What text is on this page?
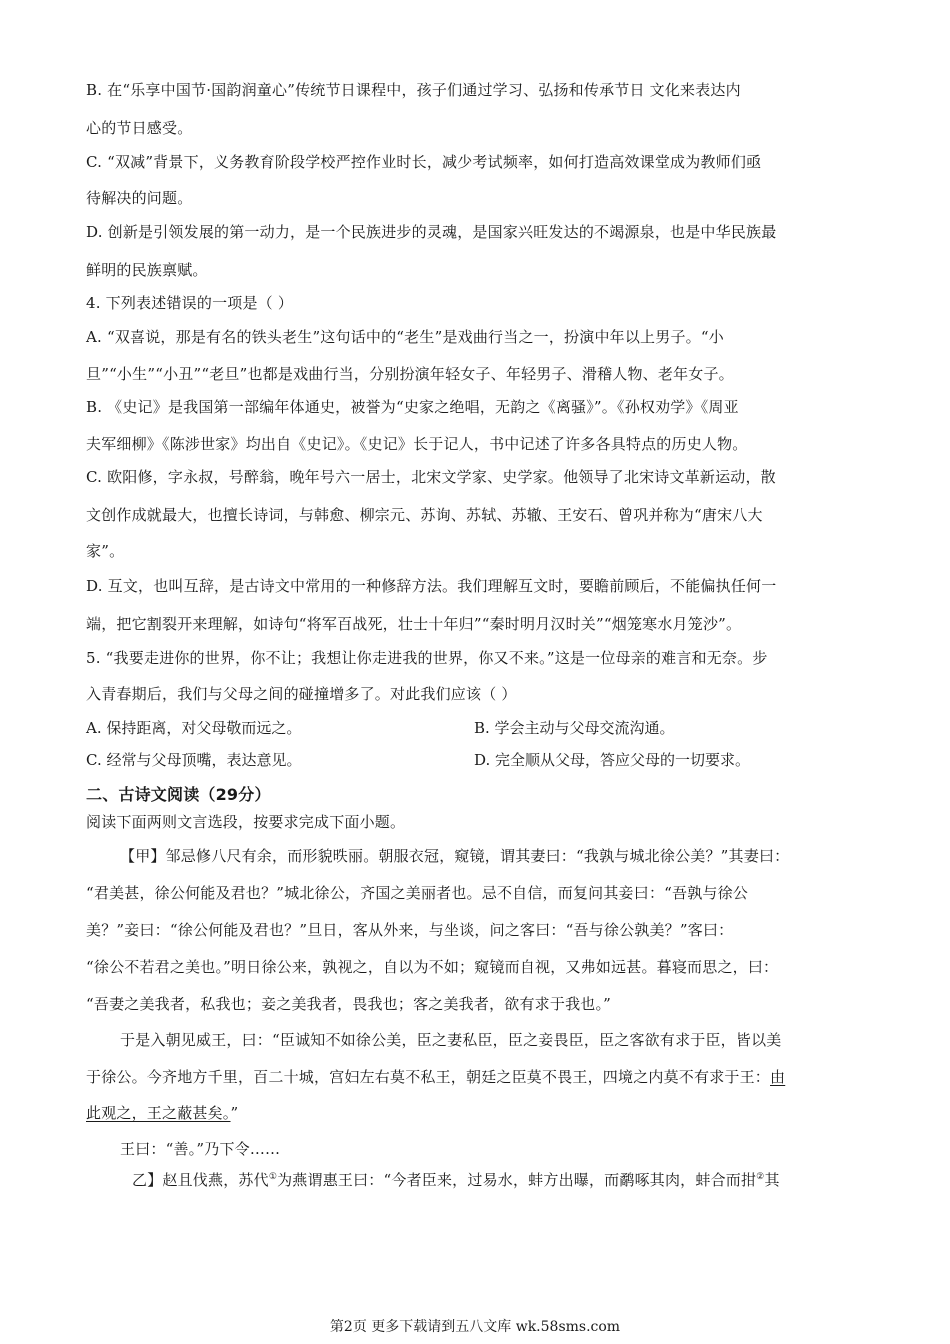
B. 在“乐享中国节·国韵润童心”传统节日课程中，孩子们通过学习、弘扬和传承节日 文化来表达内
心的节日感受。
C. “双减”背景下，义务教育阶段学校严控作业时长，减少考试频率，如何打造高效课堂成为教师们亟
待解决的问题。
D. 创新是引领发展的第一动力，是一个民族进步的灵魂，是国家兴旺发达的不竭源泉，也是中华民族最
鲜明的民族禀赋。
4. 下列表述错误的一项是（ ）
A. “双喜说，那是有名的铁头老生”这句话中的“老生”是戏曲行当之一，扮演中年以上男子。“小
旦”“小生”“小丑”“老旦”也都是戏曲行当，分别扮演年轻女子、年轻男子、滑稽人物、老年女子。
B. 《史记》是我国第一部编年体通史，被誉为“史家之绝唱，无韵之《离骚》”。《孙权劝学》《周亚
夫军细柳》《陈涉世家》均出自《史记》。《史记》长于记人，书中记述了许多各具特点的历史人物。
C. 欧阳修，字永叔，号醉翁，晚年号六一居士，北宋文学家、史学家。他领导了北宋诗文革新运动，散
文创作成就最大，也擅长诗词，与韩愈、柳宗元、苏询、苏轼、苏辙、王安石、曾巩并称为“唐宋八大
家”。
D. 互文，也叫互辞，是古诗文中常用的一种修辞方法。我们理解互文时，要瞻前顾后，不能偏执任何一
端，把它割裂开来理解，如诗句“将军百战死，壮士十年归”“秦时明月汉时关”“烟笼寒水月笼沙”。
5. “我要走进你的世界，你不让；我想让你走进我的世界，你又不来。”这是一位母亲的难言和无奈。步
入青春期后，我们与父母之间的碰撞增多了。对此我们应该（ ）
A. 保持距离，对父母敬而远之。	B. 学会主动与父母交流沟通。
C. 经常与父母顶嘴，表达意见。	D. 完全顺从父母，答应父母的一切要求。
二、古诗文阅读（29分）
阅读下面两则文言选段，按要求完成下面小题。
【甲】邹忌修八尺有余，而形貌昳丽。朝服衣冠，窥镜，谓其妻曰：“我孰与城北徐公美？”其妻曰：
“君美甚，徐公何能及君也？”城北徐公，齐国之美丽者也。忌不自信，而复问其妾曰：“吾孰与徐公
美？”妾曰：“徐公何能及君也？”旦日，客从外来，与坐谈，问之客曰：“吾与徐公孰美？”客曰：
“徐公不若君之美也。”明日徐公来，孰视之，自以为不如；窥镜而自视，又弗如远甚。暮寝而思之，曰：
“吾妻之美我者，私我也；妾之美我者，畏我也；客之美我者，欲有求于我也。”
于是入朝见威王，曰：“臣诚知不如徐公美，臣之妻私臣，臣之妾畏臣，臣之客欲有求于臣，皆以美
于徐公。今齐地方千里，百二十城，宫妇左右莫不私王，朝廷之臣莫不畏王，四境之内莫不有求于王：由
此观之，王之蔽甚矣。”
王曰：“善。”乃下令……
乙】赵且伐燕，苏代①为燕谓惠王曰：“今者臣来，过易水，蚌方出曝，而鹬啄其肉，蚌合而拑②其
第2页 更多下载请到五八文库 wk.58sms.com
